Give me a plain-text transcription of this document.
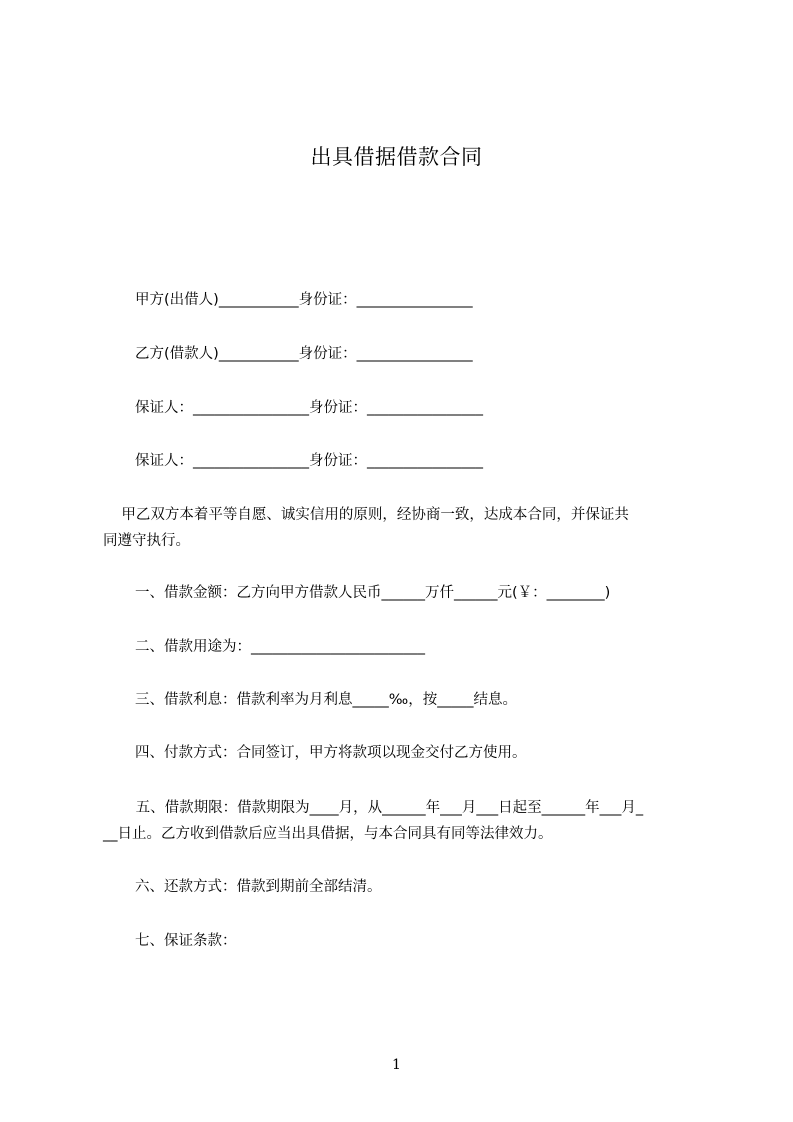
出具借据借款合同
甲方(出借人)___________身份证：________________
乙方(借款人)___________身份证：________________
保证人：________________身份证：________________
保证人：________________身份证：________________
甲乙双方本着平等自愿、诚实信用的原则，经协商一致，达成本合同，并保证共
同遵守执行。
一、借款金额：乙方向甲方借款人民币______万仟______元(￥：________)
二、借款用途为：________________________
三、借款利息：借款利率为月利息_____‰，按_____结息。
四、付款方式：合同签订，甲方将款项以现金交付乙方使用。
五、借款期限：借款期限为____月，从______年___月___日起至______年___月_
__日止。乙方收到借款后应当出具借据，与本合同具有同等法律效力。
六、还款方式：借款到期前全部结清。
七、保证条款：
1
